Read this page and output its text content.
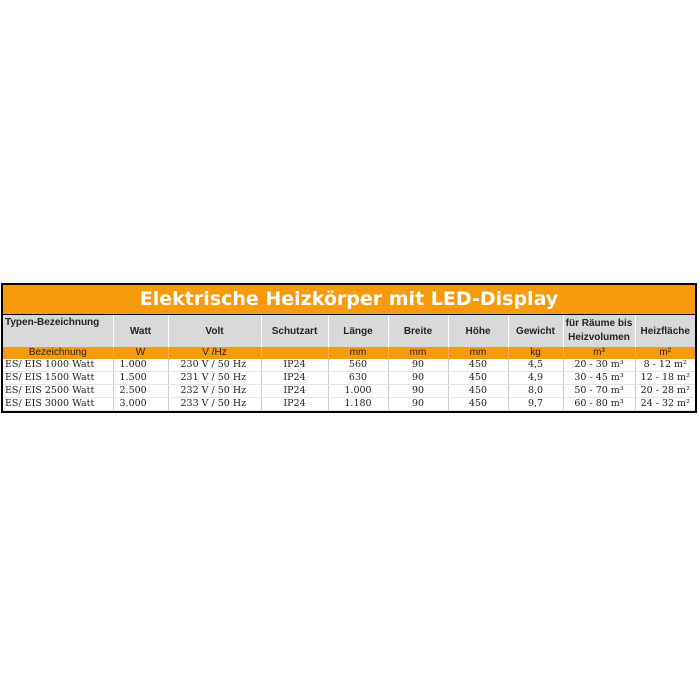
Elektrische Heizkörper mit LED-Display
Typen-Bezeichnung	Watt	Volt	Schutzart	Länge	Breite	Höhe	Gewicht	für Räume bis Heizvolumen	Heizfläche
Bezeichnung	W	V /Hz		mm	mm	mm	kg	m³	m²
ES/ EIS 1000 Watt	1.000	230 V / 50 Hz	IP24	560	90	450	4,5	20 - 30 m³	8 - 12 m²
ES/ EIS 1500 Watt	1.500	231 V / 50 Hz	IP24	630	90	450	4,9	30 - 45 m³	12 - 18 m²
ES/ EIS 2500 Watt	2.500	232 V / 50 Hz	IP24	1.000	90	450	8,0	50 - 70 m³	20 - 28 m²
ES/ EIS 3000 Watt	3.000	233 V / 50 Hz	IP24	1.180	90	450	9,7	60 - 80 m³	24 - 32 m²
